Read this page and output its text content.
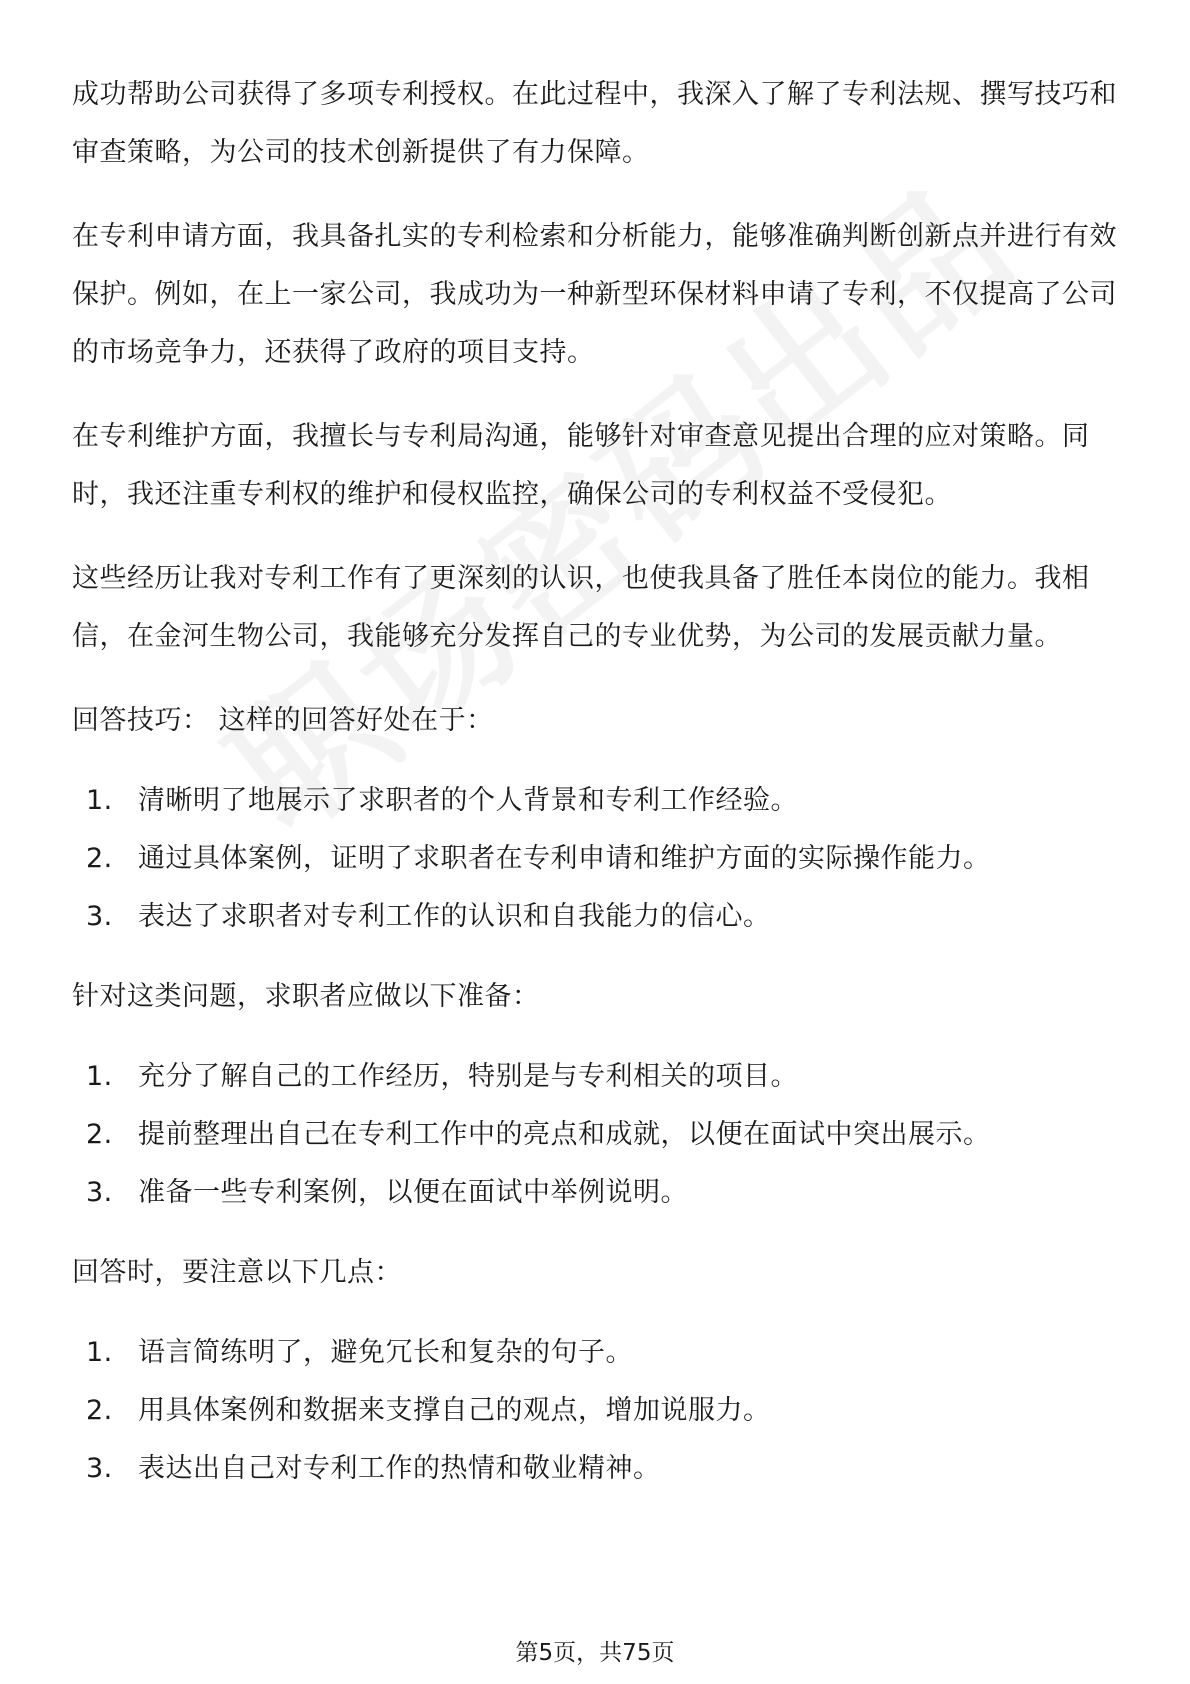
成功帮助公司获得了多项专利授权。在此过程中，我深入了解了专利法规、撰写技巧和审查策略，为公司的技术创新提供了有力保障。

在专利申请方面，我具备扎实的专利检索和分析能力，能够准确判断创新点并进行有效保护。例如，在上一家公司，我成功为一种新型环保材料申请了专利，不仅提高了公司的市场竞争力，还获得了政府的项目支持。

在专利维护方面，我擅长与专利局沟通，能够针对审查意见提出合理的应对策略。同时，我还注重专利权的维护和侵权监控，确保公司的专利权益不受侵犯。

这些经历让我对专利工作有了更深刻的认识，也使我具备了胜任本岗位的能力。我相信，在金河生物公司，我能够充分发挥自己的专业优势，为公司的发展贡献力量。

回答技巧： 这样的回答好处在于：
1. 清晰明了地展示了求职者的个人背景和专利工作经验。
2. 通过具体案例，证明了求职者在专利申请和维护方面的实际操作能力。
3. 表达了求职者对专利工作的认识和自我能力的信心。
针对这类问题，求职者应做以下准备：
1. 充分了解自己的工作经历，特别是与专利相关的项目。
2. 提前整理出自己在专利工作中的亮点和成就，以便在面试中突出展示。
3. 准备一些专利案例，以便在面试中举例说明。
回答时，要注意以下几点：
1. 语言简练明了，避免冗长和复杂的句子。
2. 用具体案例和数据来支撑自己的观点，增加说服力。
3. 表达出自己对专利工作的热情和敬业精神。
第5页，共75页
